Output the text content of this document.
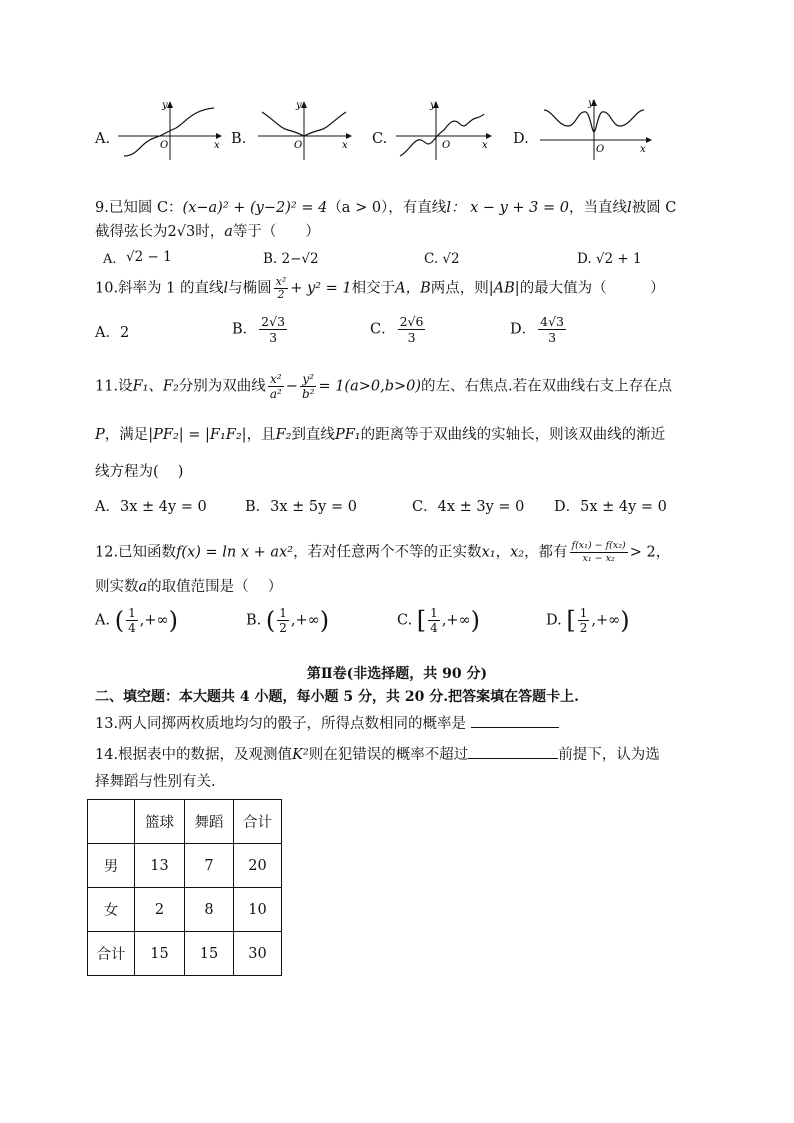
A.
y
x
O	B.
y
x
O	C.
y
x
O	D.
y
x
O
9.已知圆 C：(x−a)² + (y−2)² = 4（a > 0），有直线l： x − y + 3 = 0，当直线l被圆 C
截得弦长为2√3时，a等于（　　）
A. √2 − 1	B. 2−√2	C. √2	D. √2 + 1
10.斜率为 1 的直线l与椭圆 $\frac{\text{x²}}{2} + y^2 = 1$相交于A，B两点，则|AB|的最大值为（　　　）
A．2	B． $\frac{2√3}{3}$	C． $\frac{2√6}{3}$	D． $\frac{4√3}{3}$
11.设F₁、F₂分别为双曲线 $\frac{\text{x²}}{\text{a²}} - \frac{\text{y²}}{\text{b²}} = 1(a>0,b>0)$的左、右焦点.若在双曲线右支上存在点
P，满足|PF₂| = |F₁F₂|，且F₂到直线PF₁的距离等于双曲线的实轴长，则该双曲线的渐近
线方程为(　 )
A．3x ± 4y = 0	B．3x ± 5y = 0	C．4x ± 3y = 0 D．5x ± 4y = 0
12.已知函数f(x) = ln x + ax²，若对任意两个不等的正实数x₁，x₂，都有 $\frac{\text{f(x₁) − f(x₂)}}{\text{x₁ − x₂}} > 2$，
则实数a的取值范围是（　 ）
A. ( $\frac{1}{4}$ ,+∞)	B. ( $\frac{1}{2}$ ,+∞)	C. [ $\frac{1}{4}$ ,+∞)	D. [ $\frac{1}{2}$ ,+∞)
第Ⅱ卷(非选择题，共 90 分)
二、填空题：本大题共 4 小题，每小题 5 分，共 20 分.把答案填在答题卡上.
13.两人同掷两枚质地均匀的骰子，所得点数相同的概率是
14.根据表中的数据，及观测值K²则在犯错误的概率不超过	前提下，认为选
择舞蹈与性别有关.
	篮球	舞蹈	合计
男	13	7	20
女	2	8	10
合计	15	15	30
